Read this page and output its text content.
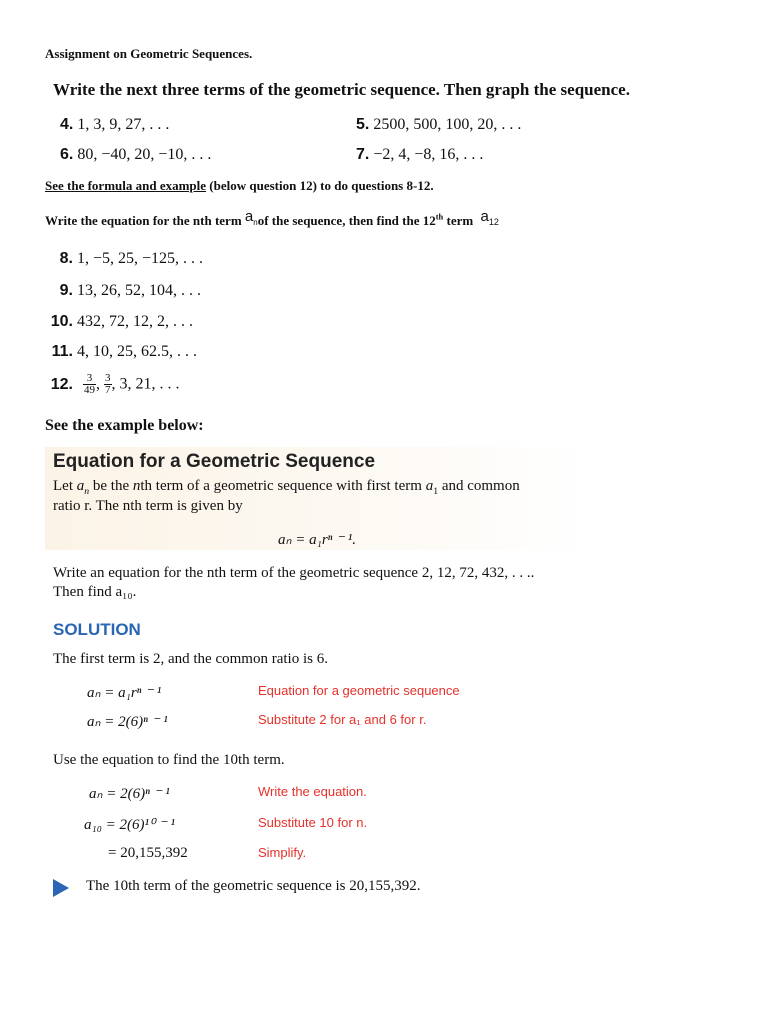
Assignment on Geometric Sequences.
Write the next three terms of the geometric sequence. Then graph the sequence.
4. 1, 3, 9, 27, . . .	5. 2500, 500, 100, 20, . . .
6. 80, −40, 20, −10, . . .	7. −2, 4, −8, 16, . . .
See the formula and example (below question 12) to do questions 8-12.
Write the equation for the nth term $a_nof$ the sequence, then find the 12th term $a_{12}$
8. 1, −5, 25, −125, . . .
9. 13, 26, 52, 104, . . .
10. 432, 72, 12, 2, . . .
11. 4, 10, 25, 62.5, . . .
12. $\frac{3}{49}$ , $\frac{3}{7}$ , 3, 21, . . .
See the example below:
Equation for a Geometric Sequence
Let $a_n$ be the nth term of a geometric sequence with first term $a_1$ and common
ratio r. The nth term is given by
aₙ = a₁rⁿ ⁻ ¹.
Write an equation for the nth term of the geometric sequence 2, 12, 72, 432, . . ..
Then find a₁₀.
SOLUTION
The first term is 2, and the common ratio is 6.
aₙ = a₁rⁿ ⁻ ¹	Equation for a geometric sequence
aₙ = 2(6)ⁿ ⁻ ¹	Substitute 2 for a₁ and 6 for r.
Use the equation to find the 10th term.
aₙ = 2(6)ⁿ ⁻ ¹	Write the equation.
a₁₀ = 2(6)¹⁰ ⁻ ¹	Substitute 10 for n.
= 20,155,392	Simplify.
The 10th term of the geometric sequence is 20,155,392.
